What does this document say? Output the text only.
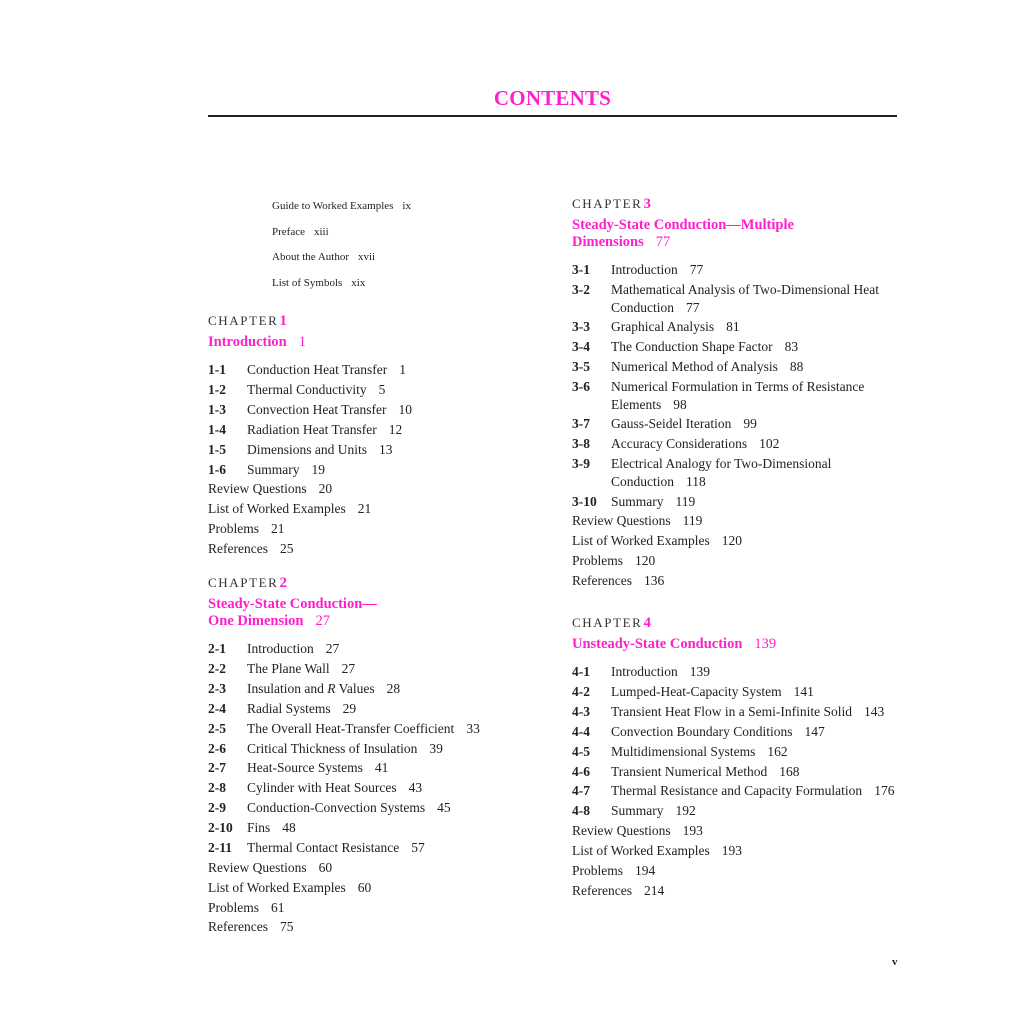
CONTENTS
Guide to Worked Examples ix
Preface xiii
About the Author xvii
List of Symbols xix
CHAPTER1
Introduction 1
1-1	Conduction Heat Transfer 1
1-2	Thermal Conductivity 5
1-3	Convection Heat Transfer 10
1-4	Radiation Heat Transfer 12
1-5	Dimensions and Units 13
1-6	Summary 19
Review Questions 20
List of Worked Examples 21
Problems 21
References 25
CHAPTER2
Steady-State Conduction—
One Dimension 27
2-1	Introduction 27
2-2	The Plane Wall 27
2-3	Insulation and R Values 28
2-4	Radial Systems 29
2-5	The Overall Heat-Transfer Coefficient 33
2-6	Critical Thickness of Insulation 39
2-7	Heat-Source Systems 41
2-8	Cylinder with Heat Sources 43
2-9	Conduction-Convection Systems 45
2-10	Fins 48
2-11	Thermal Contact Resistance 57
Review Questions 60
List of Worked Examples 60
Problems 61
References 75
CHAPTER3
Steady-State Conduction—Multiple
Dimensions 77
3-1	Introduction 77
3-2	Mathematical Analysis of Two-Dimensional Heat Conduction 77
3-3	Graphical Analysis 81
3-4	The Conduction Shape Factor 83
3-5	Numerical Method of Analysis 88
3-6	Numerical Formulation in Terms of Resistance Elements 98
3-7	Gauss-Seidel Iteration 99
3-8	Accuracy Considerations 102
3-9	Electrical Analogy for Two-Dimensional Conduction 118
3-10	Summary 119
Review Questions 119
List of Worked Examples 120
Problems 120
References 136
CHAPTER4
Unsteady-State Conduction 139
4-1	Introduction 139
4-2	Lumped-Heat-Capacity System 141
4-3	Transient Heat Flow in a Semi-Infinite Solid 143
4-4	Convection Boundary Conditions 147
4-5	Multidimensional Systems 162
4-6	Transient Numerical Method 168
4-7	Thermal Resistance and Capacity Formulation 176
4-8	Summary 192
Review Questions 193
List of Worked Examples 193
Problems 194
References 214
v
